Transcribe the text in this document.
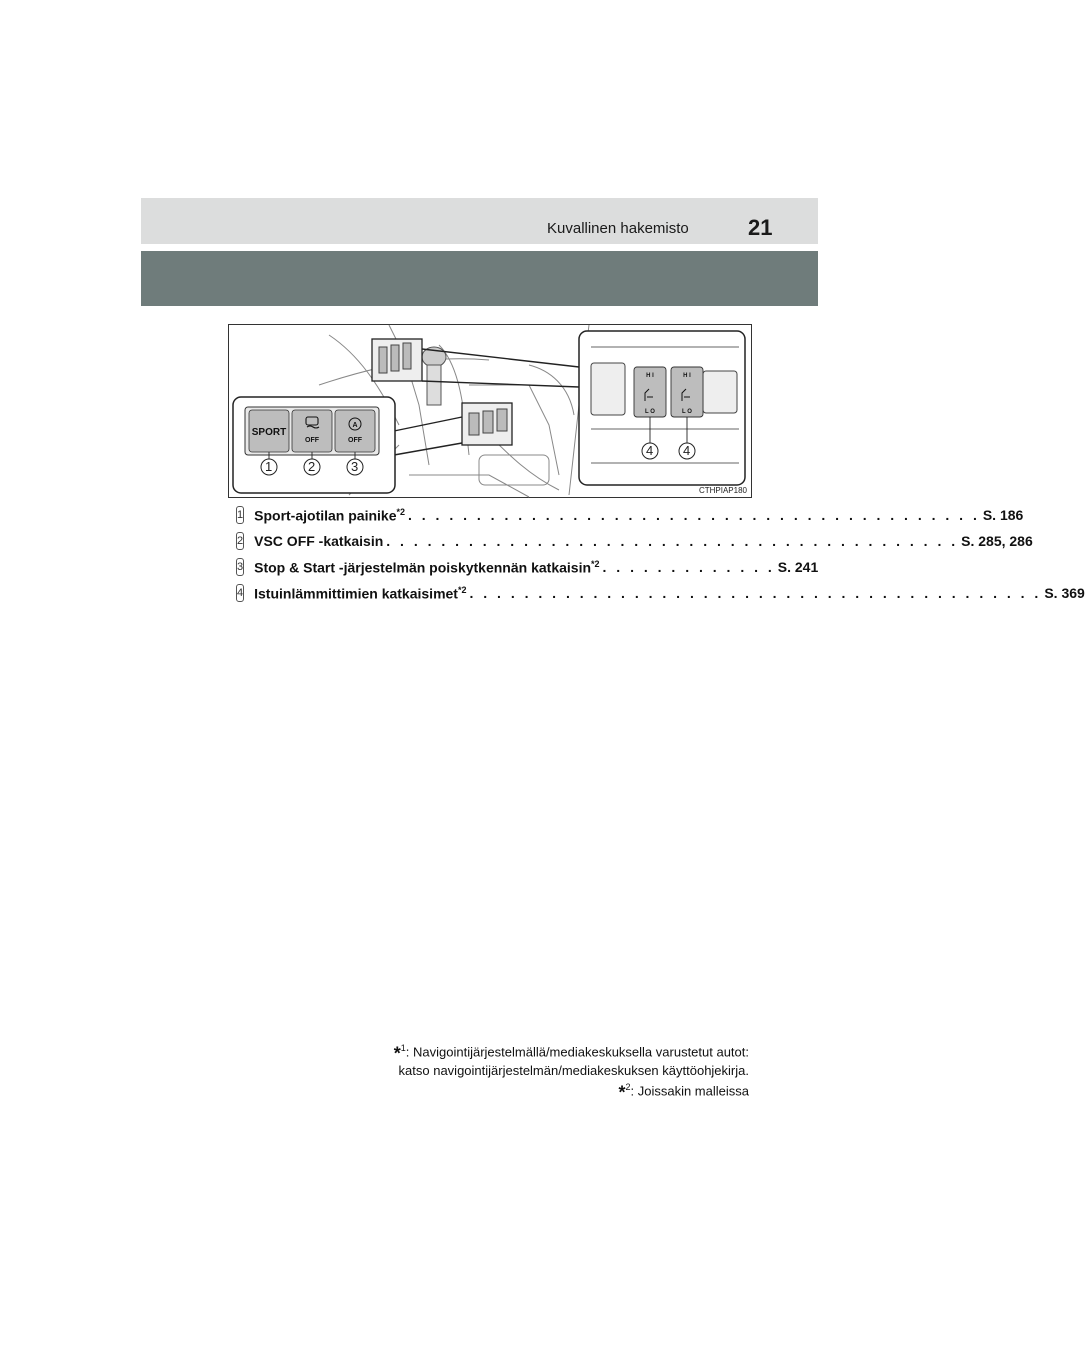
Kuvallinen hakemisto	21
SPORT
OFF
A
OFF
H I	H I
L O	L O
1	2	3
4 4
CTHPIAP180
1 Sport-ajotilan painike$^{*2}$ . . . . . . . . . . . . . . . . . . . . . . . . . . . . . . . . . . . . . . . . . . S. 186
2 VSC OFF -katkaisin . . . . . . . . . . . . . . . . . . . . . . . . . . . . . . . . . . . . . . . . . . S. 285, 286
3 Stop & Start -järjestelmän poiskytkennän katkaisin$^{*2}$ . . . . . . . . . . . . . S. 241
4 Istuinlämmittimien katkaisimet$^{*2}$ . . . . . . . . . . . . . . . . . . . . . . . . . . . . . . . . . . . . . . . . . . S. 369
*$^1$: Navigointijärjestelmällä/mediakeskuksella varustetut autot:
katso navigointijärjestelmän/mediakeskuksen käyttöohjekirja.
*$^2$: Joissakin malleissa
